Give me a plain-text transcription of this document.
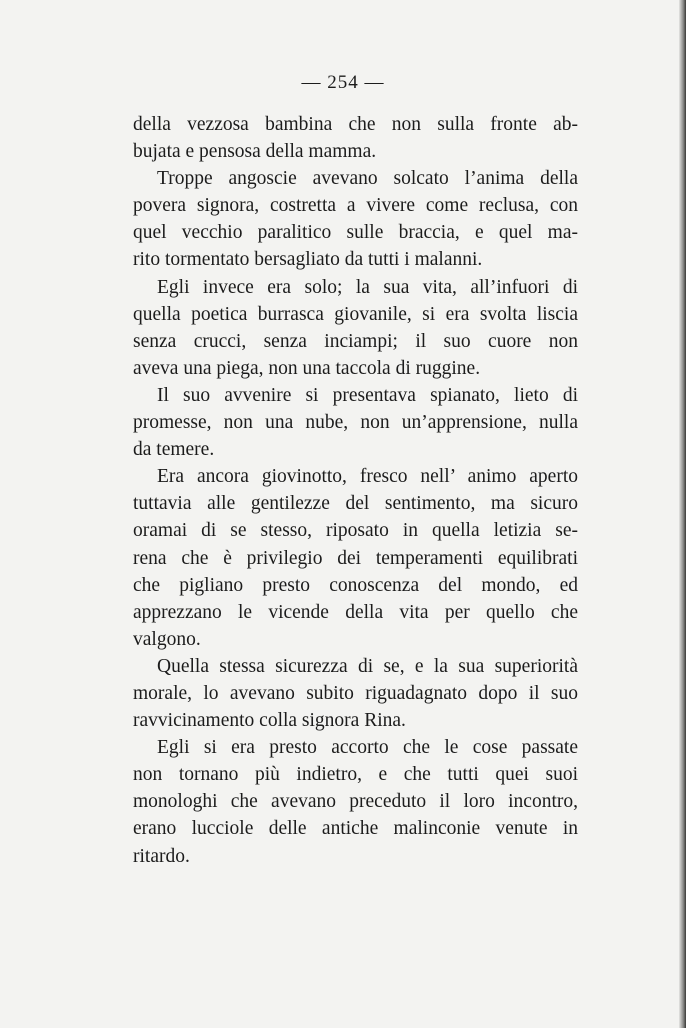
— 254 —
della vezzosa bambina che non sulla fronte ab-
bujata e pensosa della mamma.
Troppe angoscie avevano solcato l’anima della
povera signora, costretta a vivere come reclusa, con
quel vecchio paralitico sulle braccia, e quel ma-
rito tormentato bersagliato da tutti i malanni.
Egli invece era solo; la sua vita, all’infuori di
quella poetica burrasca giovanile, si era svolta liscia
senza crucci, senza inciampi; il suo cuore non
aveva una piega, non una taccola di ruggine.
Il suo avvenire si presentava spianato, lieto di
promesse, non una nube, non un’apprensione, nulla
da temere.
Era ancora giovinotto, fresco nell’ animo aperto
tuttavia alle gentilezze del sentimento, ma sicuro
oramai di se stesso, riposato in quella letizia se-
rena che è privilegio dei temperamenti equilibrati
che pigliano presto conoscenza del mondo, ed
apprezzano le vicende della vita per quello che
valgono.
Quella stessa sicurezza di se, e la sua superiorità
morale, lo avevano subito riguadagnato dopo il suo
ravvicinamento colla signora Rina.
Egli si era presto accorto che le cose passate
non tornano più indietro, e che tutti quei suoi
monologhi che avevano preceduto il loro incontro,
erano lucciole delle antiche malinconie venute in
ritardo.
